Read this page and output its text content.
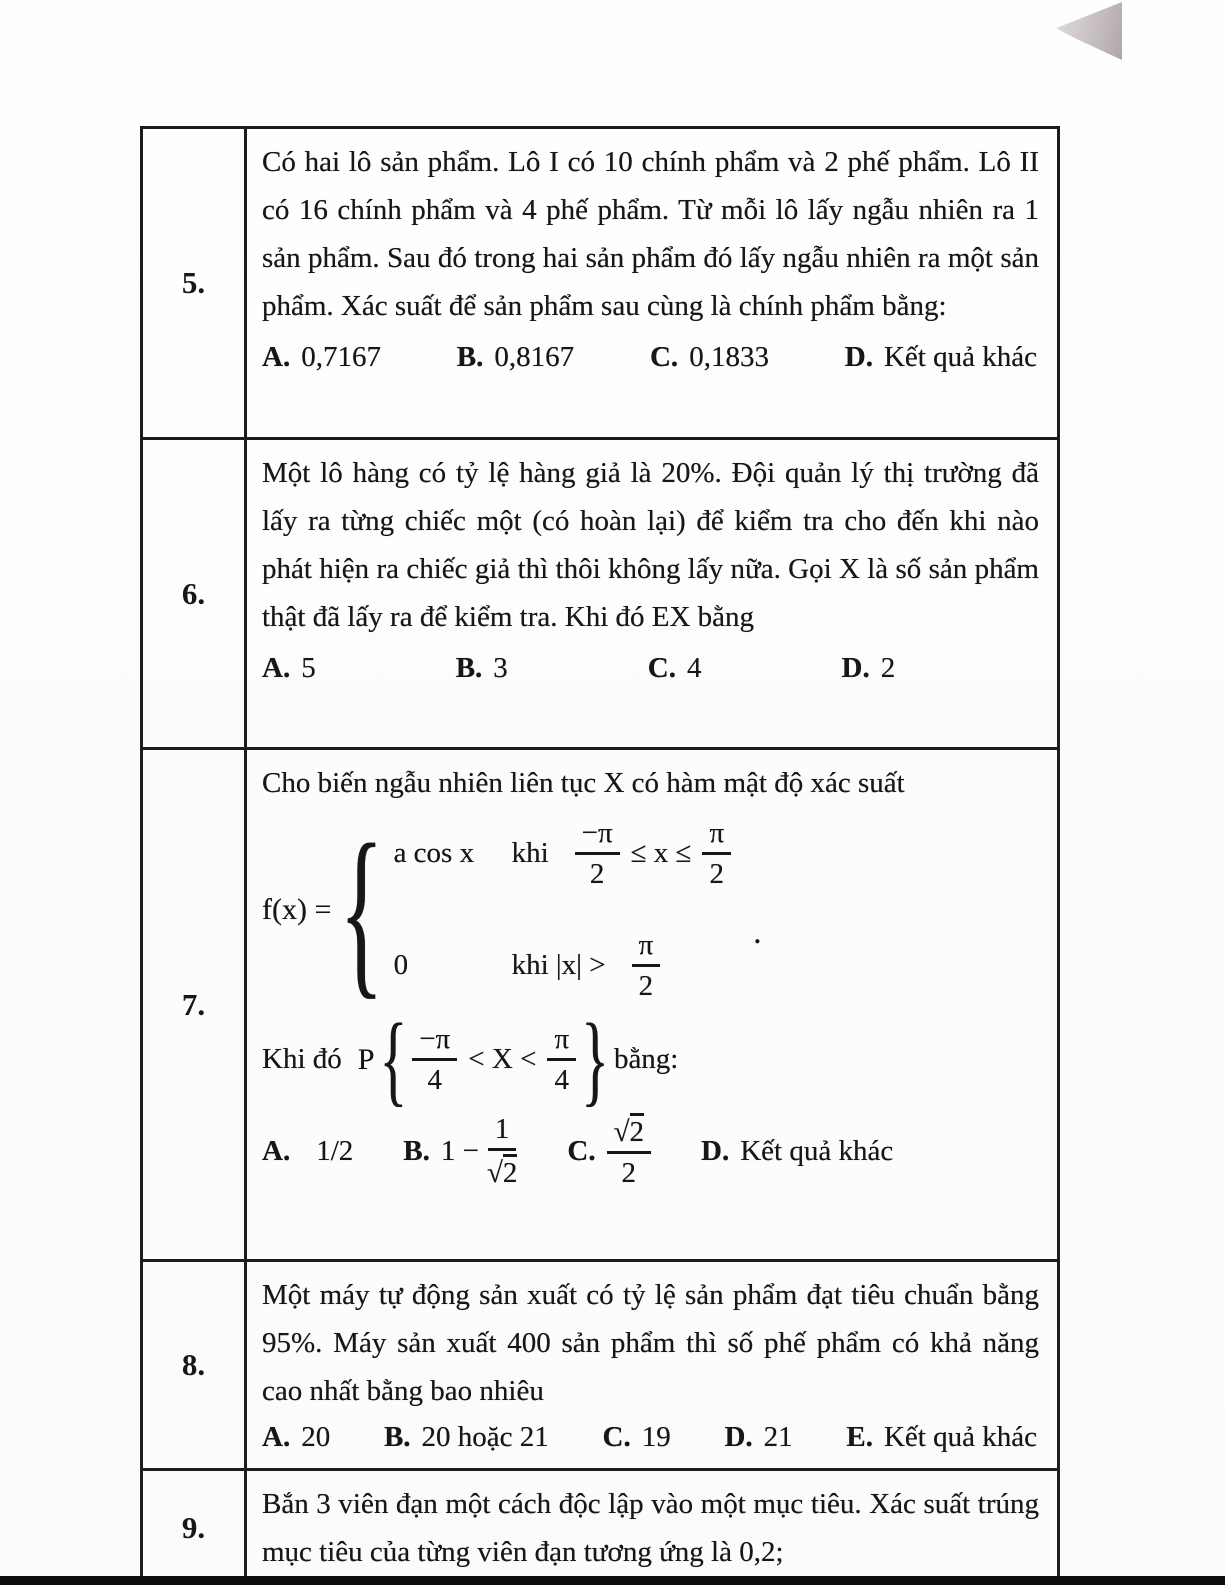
5.

Có hai lô sản phẩm. Lô I có 10 chính phẩm và 2 phế phẩm. Lô II có 16 chính phẩm và 4 phế phẩm. Từ mỗi lô lấy ngẫu nhiên ra 1 sản phẩm. Sau đó trong hai sản phẩm đó lấy ngẫu nhiên ra một sản phẩm. Xác suất để sản phẩm sau cùng là chính phẩm bằng:

A. 0,7167	B. 0,8167	C. 0,1833	D. Kết quả khác
6.

Một lô hàng có tỷ lệ hàng giả là 20%. Đội quản lý thị trường đã lấy ra từng chiếc một (có hoàn lại) để kiểm tra cho đến khi nào phát hiện ra chiếc giả thì thôi không lấy nữa. Gọi X là số sản phẩm thật đã lấy ra để kiểm tra. Khi đó EX bằng

A. 5	B. 3	C. 4	D. 2
7.

Cho biến ngẫu nhiên liên tục X có hàm mật độ xác suất

f(x) = { a cos x	khi $\frac{-\pi}{2} \le x \le \frac{\pi}{2}$
0	khi $|x| > \frac{\pi}{2}$	.
Khi đó P { $\frac{-\pi}{4} < X < \frac{\pi}{4}$ } bằng:
A. 1/2 B. $1 - \frac{1}{√2} C$. $\frac{√2}{2} D$. Kết quả khác
8.

Một máy tự động sản xuất có tỷ lệ sản phẩm đạt tiêu chuẩn bằng 95%. Máy sản xuất 400 sản phẩm thì số phế phẩm có khả năng cao nhất bằng bao nhiêu

A. 20 B. 20 hoặc 21 C. 19 D. 21 E. Kết quả khác
9.

Bắn 3 viên đạn một cách độc lập vào một mục tiêu. Xác suất trúng mục tiêu của từng viên đạn tương ứng là 0,2;
